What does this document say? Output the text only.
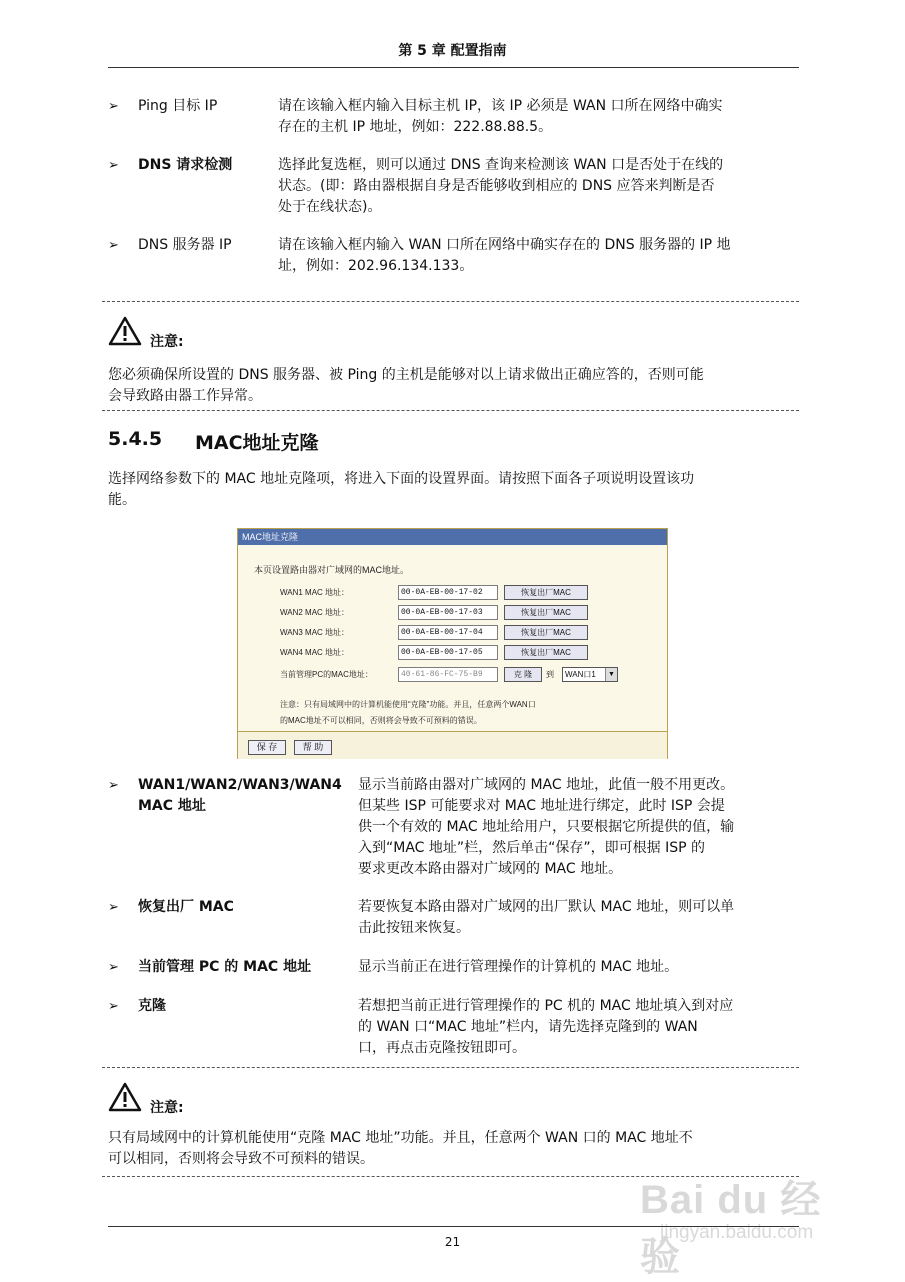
第 5 章 配置指南
➢ Ping 目标 IP	请在该输入框内输入目标主机 IP，该 IP 必须是 WAN 口所在网络中确实
存在的主机 IP 地址，例如：222.88.88.5。
➢ DNS 请求检测	选择此复选框，则可以通过 DNS 查询来检测该 WAN 口是否处于在线的
状态。(即：路由器根据自身是否能够收到相应的 DNS 应答来判断是否
处于在线状态)。
➢ DNS 服务器 IP	请在该输入框内输入 WAN 口所在网络中确实存在的 DNS 服务器的 IP 地
址，例如：202.96.134.133。
注意:
您必须确保所设置的 DNS 服务器、被 Ping 的主机是能够对以上请求做出正确应答的，否则可能
会导致路由器工作异常。
5.4.5 MAC地址克隆
选择网络参数下的 MAC 地址克隆项，将进入下面的设置界面。请按照下面各子项说明设置该功
能。
MAC地址克隆
本页设置路由器对广域网的MAC地址。
WAN1 MAC 地址：	00-0A-EB-00-17-02	恢复出厂MAC
WAN2 MAC 地址：	00-0A-EB-00-17-03	恢复出厂MAC
WAN3 MAC 地址：	00-0A-EB-00-17-04	恢复出厂MAC
WAN4 MAC 地址：	00-0A-EB-00-17-05	恢复出厂MAC
当前管理PC的MAC地址：	40-61-86-FC-75-B9	克 隆	到	WAN口1	▼
注意：只有局域网中的计算机能使用“克隆”功能。并且，任意两个WAN口
的MAC地址不可以相同，否则将会导致不可预料的错误。
保 存	帮 助
➢ WAN1/WAN2/WAN3/WAN4
MAC 地址
显示当前路由器对广域网的 MAC 地址，此值一般不用更改。
但某些 ISP 可能要求对 MAC 地址进行绑定，此时 ISP 会提
供一个有效的 MAC 地址给用户，只要根据它所提供的值，输
入到“MAC 地址”栏，然后单击“保存”，即可根据 ISP 的
要求更改本路由器对广域网的 MAC 地址。
➢ 恢复出厂 MAC	若要恢复本路由器对广域网的出厂默认 MAC 地址，则可以单
击此按钮来恢复。
➢ 当前管理 PC 的 MAC 地址	显示当前正在进行管理操作的计算机的 MAC 地址。
➢ 克隆	若想把当前正进行管理操作的 PC 机的 MAC 地址填入到对应
的 WAN 口“MAC 地址”栏内，请先选择克隆到的 WAN
口，再点击克隆按钮即可。
注意:
只有局域网中的计算机能使用“克隆 MAC 地址”功能。并且，任意两个 WAN 口的 MAC 地址不
可以相同，否则将会导致不可预料的错误。
Bai du 经验
jingyan.baidu.com
21
